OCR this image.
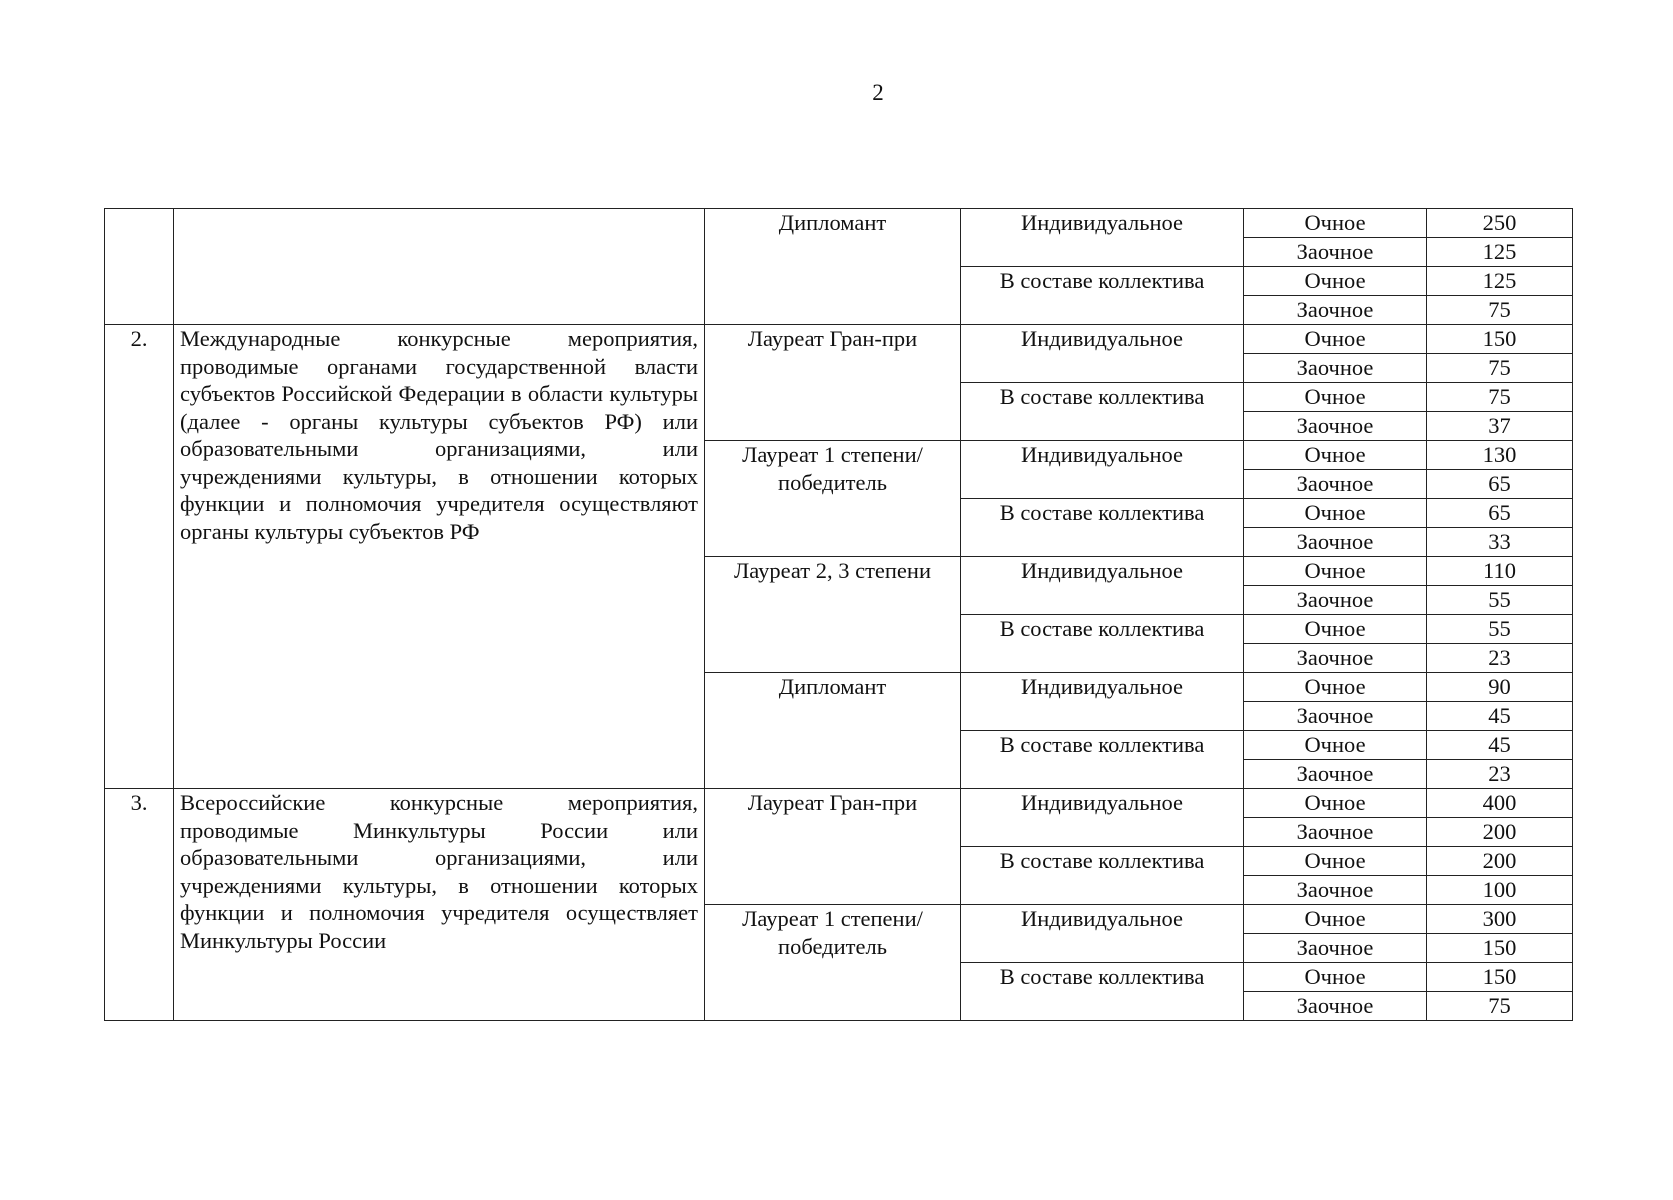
2
		Дипломант	Индивидуальное	Очное	250
				Заочное	125
			В составе коллектива	Очное	125
				Заочное	75
2.	Международные конкурсные мероприятия, проводимые органами государственной власти субъектов Российской Федерации в области культуры (далее - органы культуры субъектов РФ) или образовательными организациями, или учреждениями культуры, в отношении которых функции и полномочия учредителя осуществляют органы культуры субъектов РФ	Лауреат Гран-при	Индивидуальное	Очное	150
				Заочное	75
			В составе коллектива	Очное	75
				Заочное	37
		Лауреат 1 степени/ победитель	Индивидуальное	Очное	130
				Заочное	65
			В составе коллектива	Очное	65
				Заочное	33
		Лауреат 2, 3 степени	Индивидуальное	Очное	110
				Заочное	55
			В составе коллектива	Очное	55
				Заочное	23
		Дипломант	Индивидуальное	Очное	90
				Заочное	45
			В составе коллектива	Очное	45
				Заочное	23
3.	Всероссийские конкурсные мероприятия, проводимые Минкультуры России или образовательными организациями, или учреждениями культуры, в отношении которых функции и полномочия учредителя осуществляет Минкультуры России	Лауреат Гран-при	Индивидуальное	Очное	400
				Заочное	200
			В составе коллектива	Очное	200
				Заочное	100
		Лауреат 1 степени/ победитель	Индивидуальное	Очное	300
				Заочное	150
			В составе коллектива	Очное	150
				Заочное	75
